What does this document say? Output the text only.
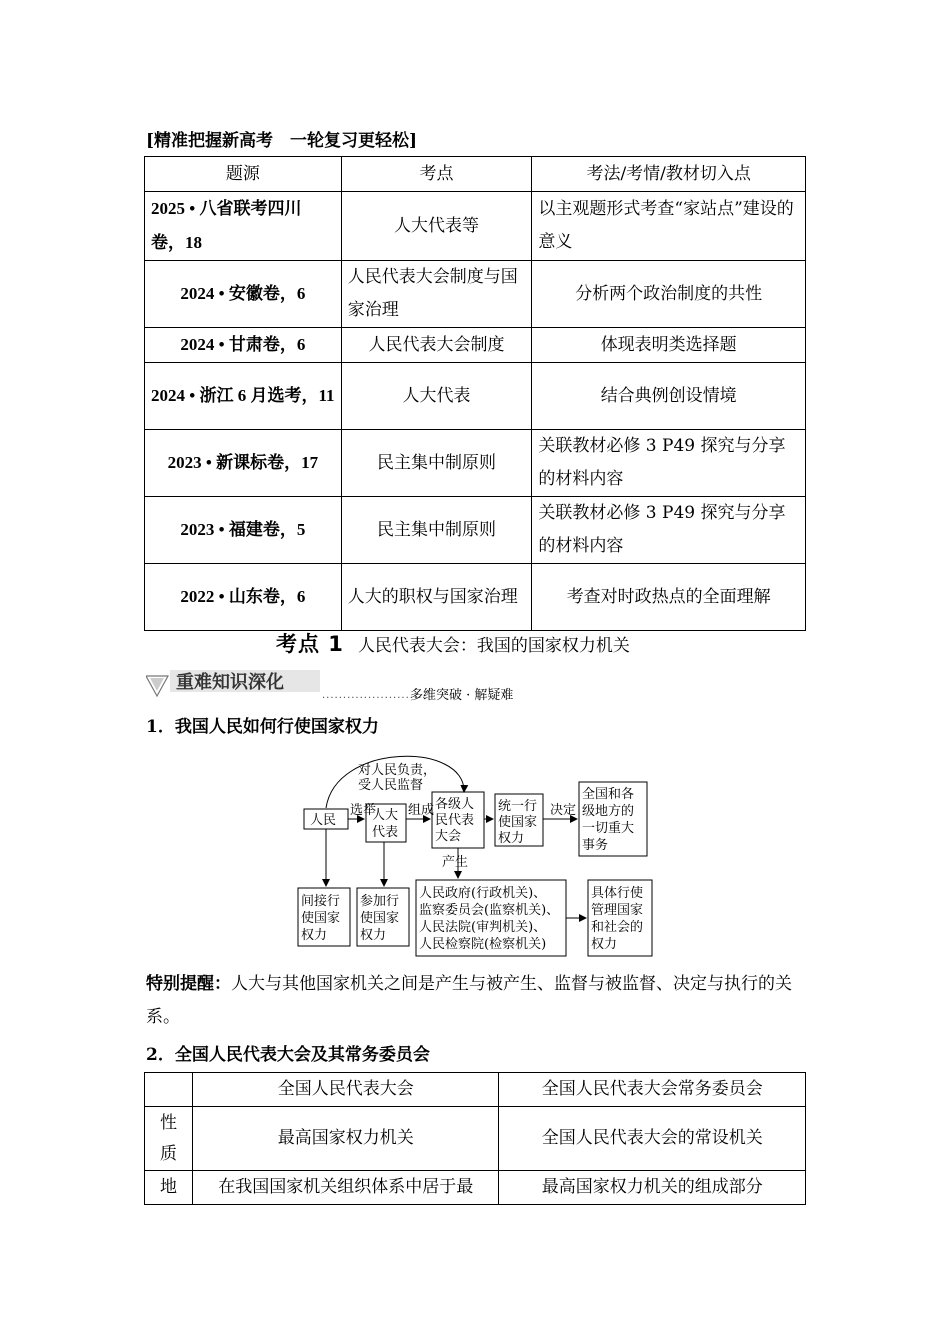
[精准把握新高考　一轮复习更轻松]
题源	考点	考法/考情/教材切入点
2025 • 八省联考四川卷，18	人大代表等	以主观题形式考查“家站点”建设的意义
2024 • 安徽卷，6	人民代表大会制度与国家治理	分析两个政治制度的共性
2024 • 甘肃卷，6	人民代表大会制度	体现表明类选择题
2024 • 浙江 6 月选考，11	人大代表	结合典例创设情境
2023 • 新课标卷，17	民主集中制原则	关联教材必修 3 P49 探究与分享的材料内容
2023 • 福建卷，5	民主集中制原则	关联教材必修 3 P49 探究与分享的材料内容
2022 • 山东卷，6	人大的职权与国家治理	考查对时政热点的全面理解
考点 1 人民代表大会：我国的国家权力机关
重难知识深化
.........................
多维突破 · 解疑难
1．我国人民如何行使国家权力
对人民负责，
受人民监督
人民
选举
人大
代表
组成 各级人
民代表
大会
统一行
使国家
权力
决定
全国和各
级地方的
一切重大
事务
产生
间接行
使国家
权力
参加行
使国家
权力
人民政府(行政机关)、
监察委员会(监察机关)、
人民法院(审判机关)、
人民检察院(检察机关)
具体行使
管理国家
和社会的
权力
特别提醒：人大与其他国家机关之间是产生与被产生、监督与被监督、决定与执行的关系。
2．全国人民代表大会及其常务委员会
	全国人民代表大会	全国人民代表大会常务委员会
性质	最高国家权力机关	全国人民代表大会的常设机关
地	在我国国家机关组织体系中居于最	最高国家权力机关的组成部分
